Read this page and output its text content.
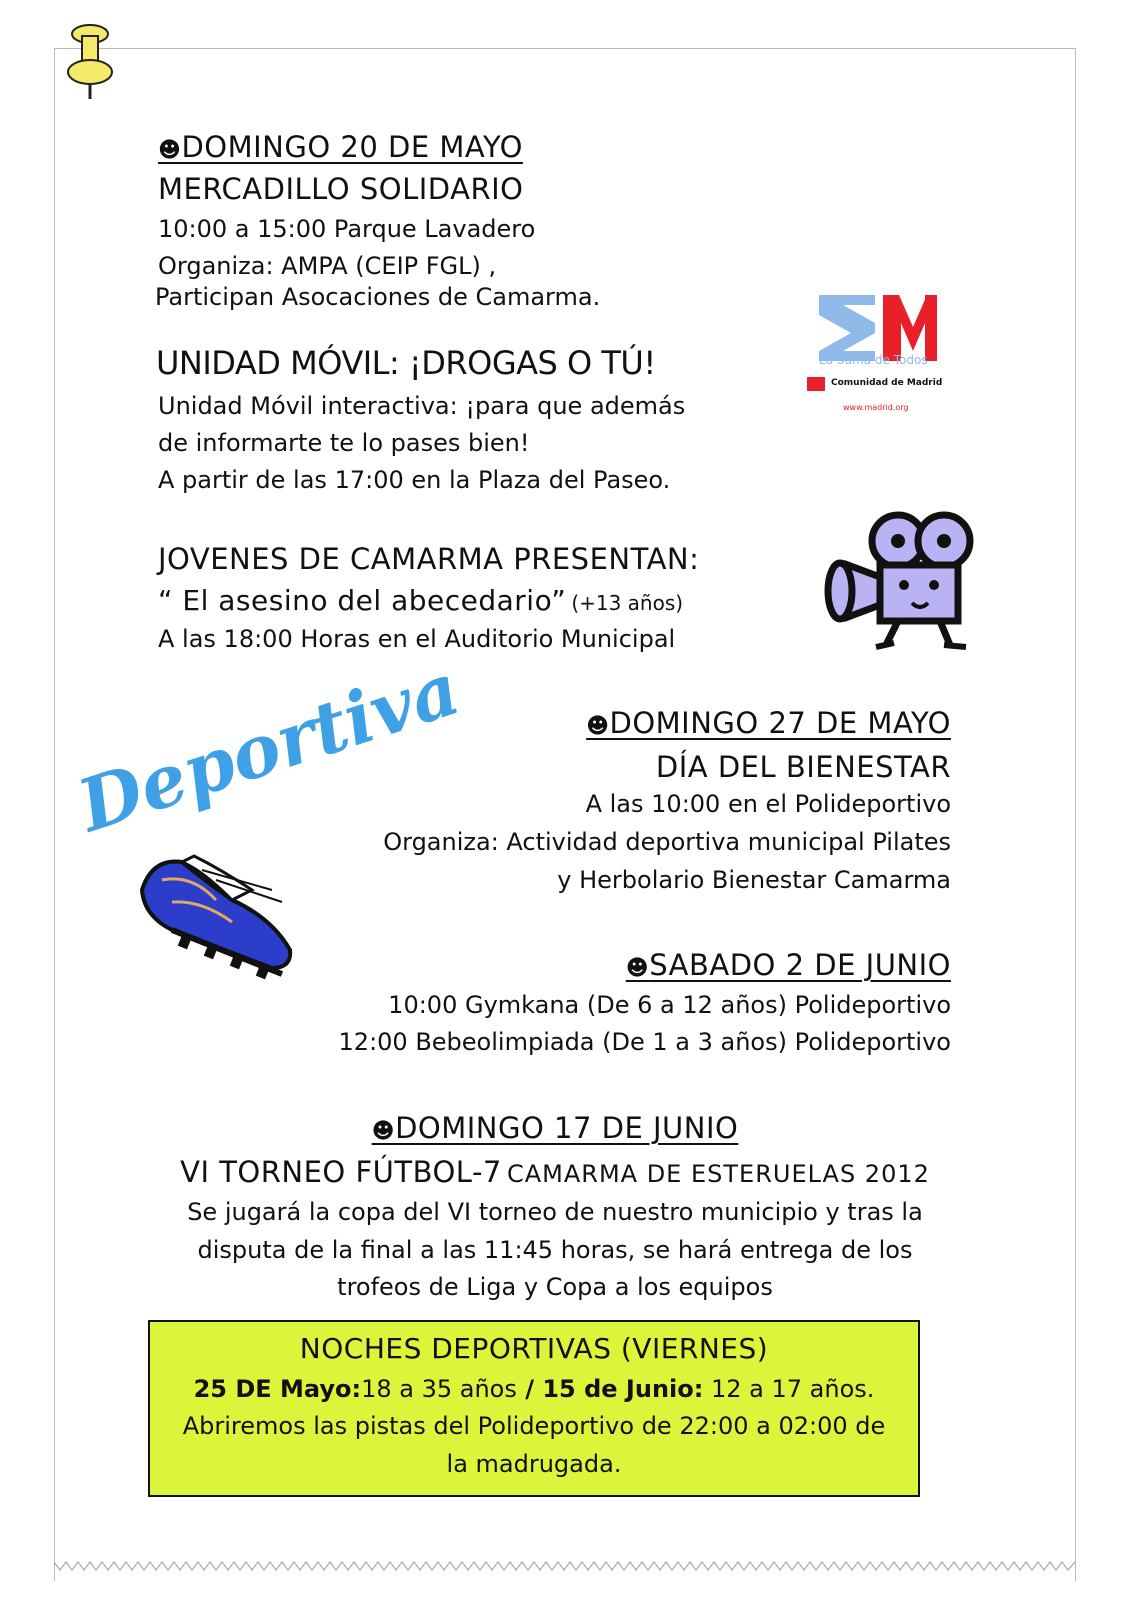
☻DOMINGO 20 DE MAYO
MERCADILLO SOLIDARIO
10:00 a 15:00 Parque Lavadero
Organiza: AMPA (CEIP FGL) ,
Participan Asocaciones de Camarma.
UNIDAD MÓVIL: ¡DROGAS O TÚ!
Unidad Móvil interactiva: ¡para que además
de informarte te lo pases bien!
A partir de las 17:00 en la Plaza del Paseo.
La Suma de Todos
Comunidad de Madrid
www.madrid.org
JOVENES DE CAMARMA PRESENTAN:
“ El asesino del abecedario” (+13 años)
A las 18:00 Horas en el Auditorio Municipal
Deportiva	☻DOMINGO 27 DE MAYO
DÍA DEL BIENESTAR
A las 10:00 en el Polideportivo
Organiza: Actividad deportiva municipal Pilates
y Herbolario Bienestar Camarma
☻SABADO 2 DE JUNIO
10:00 Gymkana (De 6 a 12 años) Polideportivo
12:00 Bebeolimpiada (De 1 a 3 años) Polideportivo
☻DOMINGO 17 DE JUNIO
VI TORNEO FÚTBOL-7 CAMARMA DE ESTERUELAS 2012
Se jugará la copa del VI torneo de nuestro municipio y tras la
disputa de la final a las 11:45 horas, se hará entrega de los
trofeos de Liga y Copa a los equipos
NOCHES DEPORTIVAS (VIERNES)
25 DE Mayo:18 a 35 años / 15 de Junio: 12 a 17 años.
Abriremos las pistas del Polideportivo de 22:00 a 02:00 de
la madrugada.
